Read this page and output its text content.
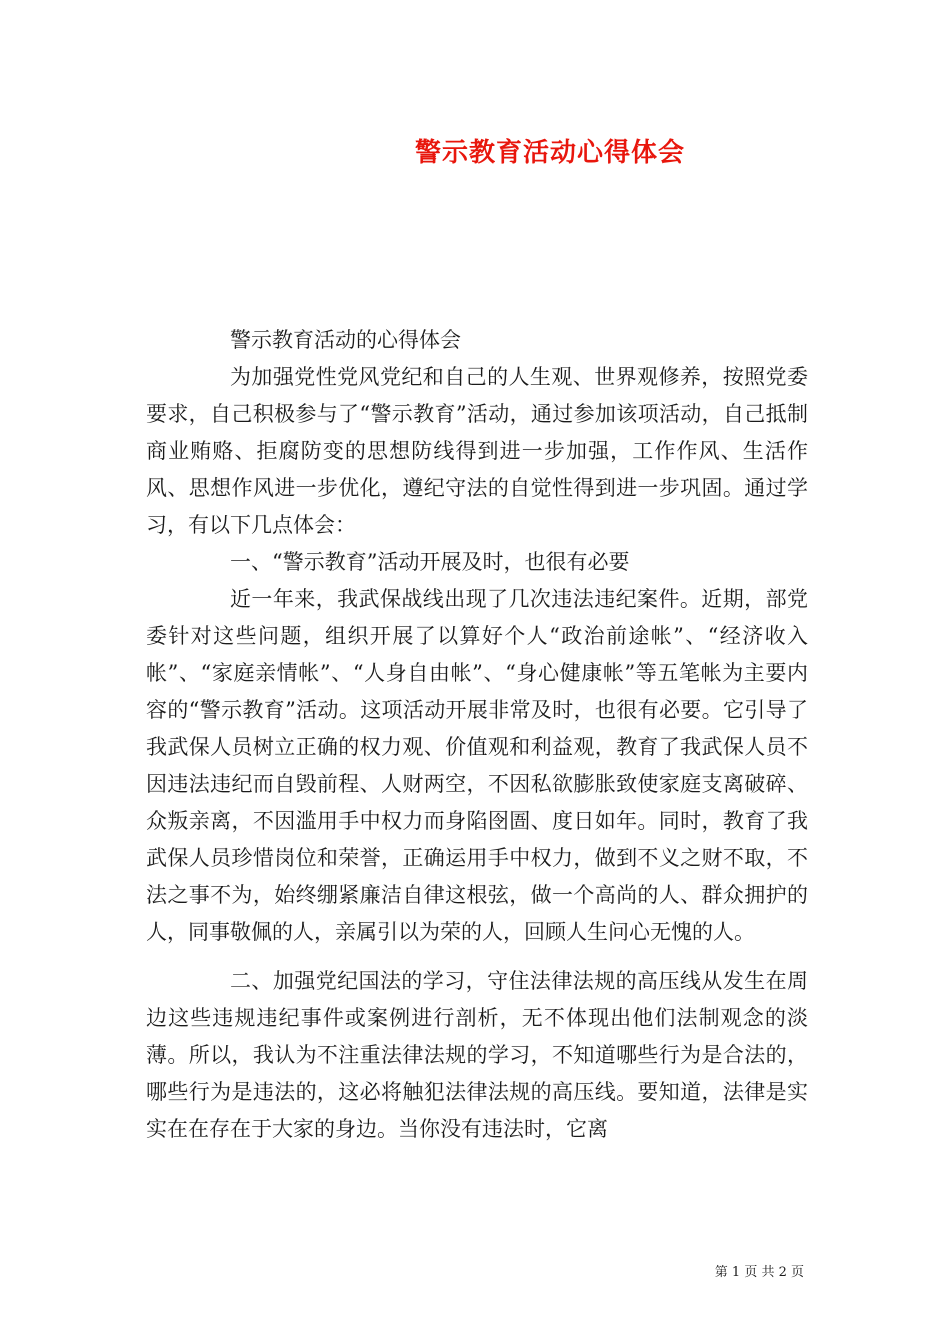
警示教育活动心得体会

警示教育活动的心得体会

为加强党性党风党纪和自己的人生观、世界观修养，按照党委要求，自己积极参与了“警示教育”活动，通过参加该项活动，自己抵制商业贿赂、拒腐防变的思想防线得到进一步加强，工作作风、生活作风、思想作风进一步优化，遵纪守法的自觉性得到进一步巩固。通过学习，有以下几点体会：

一、“警示教育”活动开展及时，也很有必要

近一年来，我武保战线出现了几次违法违纪案件。近期，部党委针对这些问题，组织开展了以算好个人“政治前途帐”、“经济收入帐”、“家庭亲情帐”、“人身自由帐”、“身心健康帐”等五笔帐为主要内容的“警示教育”活动。这项活动开展非常及时，也很有必要。它引导了我武保人员树立正确的权力观、价值观和利益观，教育了我武保人员不因违法违纪而自毁前程、人财两空，不因私欲膨胀致使家庭支离破碎、众叛亲离，不因滥用手中权力而身陷囹圄、度日如年。同时，教育了我武保人员珍惜岗位和荣誉，正确运用手中权力，做到不义之财不取，不法之事不为，始终绷紧廉洁自律这根弦，做一个高尚的人、群众拥护的人，同事敬佩的人，亲属引以为荣的人，回顾人生问心无愧的人。

二、加强党纪国法的学习，守住法律法规的高压线从发生在周边这些违规违纪事件或案例进行剖析，无不体现出他们法制观念的淡薄。所以，我认为不注重法律法规的学习，不知道哪些行为是合法的，哪些行为是违法的，这必将触犯法律法规的高压线。要知道，法律是实实在在存在于大家的身边。当你没有违法时，它离

第 1 页 共 2 页
